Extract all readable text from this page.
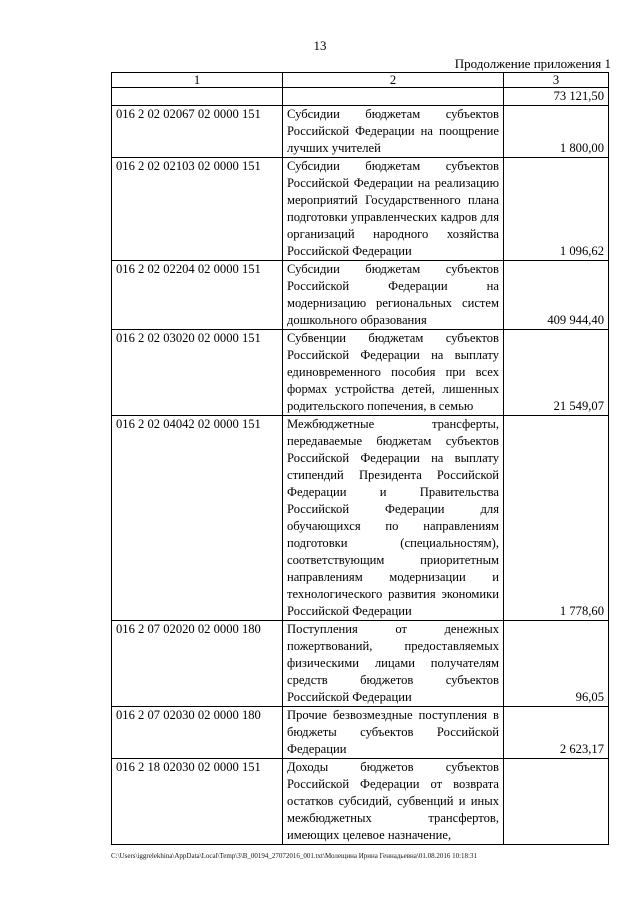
13
Продолжение приложения 1
1	2	3
		73 121,50
016 2 02 02067 02 0000 151	Субсидии бюджетам субъектов Российской Федерации на поощрение лучших учителей	1 800,00
016 2 02 02103 02 0000 151	Субсидии бюджетам субъектов Российской Федерации на реализацию мероприятий Государственного плана подготовки управленческих кадров для организаций народного хозяйства Российской Федерации	1 096,62
016 2 02 02204 02 0000 151	Субсидии бюджетам субъектов Российской Федерации на модернизацию региональных систем дошкольного образования	409 944,40
016 2 02 03020 02 0000 151	Субвенции бюджетам субъектов Российской Федерации на выплату единовременного пособия при всех формах устройства детей, лишенных родительского попечения, в семью	21 549,07
016 2 02 04042 02 0000 151	Межбюджетные трансферты, передаваемые бюджетам субъектов Российской Федерации на выплату стипендий Президента Российской Федерации и Правительства Российской Федерации для обучающихся по направлениям подготовки (специальностям), соответствующим приоритетным направлениям модернизации и технологического развития экономики Российской Федерации	1 778,60
016 2 07 02020 02 0000 180	Поступления от денежных пожертвований, предоставляемых физическими лицами получателям средств бюджетов субъектов Российской Федерации	96,05
016 2 07 02030 02 0000 180	Прочие безвозмездные поступления в бюджеты субъектов Российской Федерации	2 623,17
016 2 18 02030 02 0000 151	Доходы бюджетов субъектов Российской Федерации от возврата остатков субсидий, субвенций и иных межбюджетных трансфертов, имеющих целевое назначение,	
C:\Users\iggrelekhina\AppData\Local\Temp\3\В_00194_27072016_001.txt\Молещина Ирина Геннадьевна\01.08.2016 10:18:31
